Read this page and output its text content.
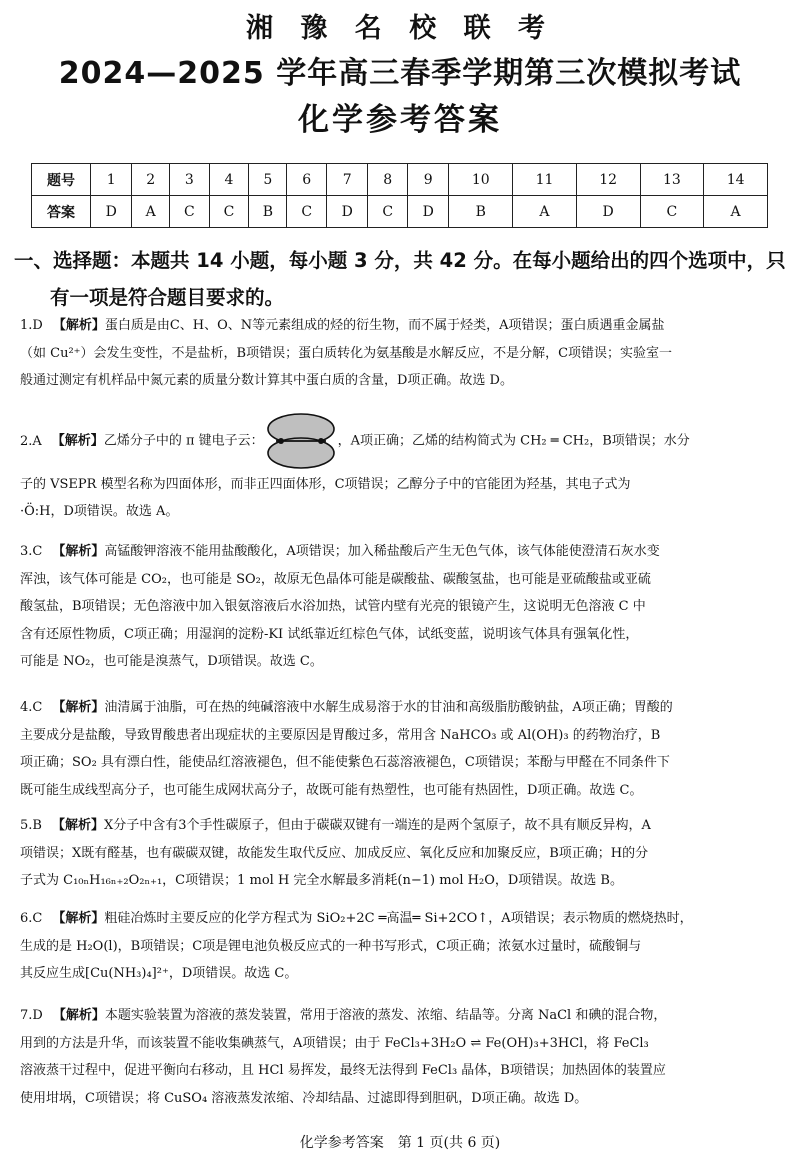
湘 豫 名 校 联 考
2024—2025 学年高三春季学期第三次模拟考试
化学参考答案
题号	1	2	3	4	5	6	7	8	9	10	11	12	13	14
答案	D	A	C	C	B	C	D	C	D	B	A	D	C	A
一、选择题：本题共 14 小题，每小题 3 分，共 42 分。在每小题给出的四个选项中，只
有一项是符合题目要求的。

1.D 【解析】蛋白质是由C、H、O、N等元素组成的烃的衍生物，而不属于烃类，A项错误；蛋白质遇重金属盐

（如 Cu²⁺）会发生变性，不是盐析，B项错误；蛋白质转化为氨基酸是水解反应，不是分解，C项错误；实验室一

般通过测定有机样品中氮元素的质量分数计算其中蛋白质的含量，D项正确。故选 D。

2.A 【解析】乙烯分子中的 π 键电子云：	，A项正确；乙烯的结构简式为 CH₂ ═ CH₂，B项错误；水分

子的 VSEPR 模型名称为四面体形，而非正四面体形，C项错误；乙醇分子中的官能团为羟基，其电子式为

·Ö:H，D项错误。故选 A。

3.C 【解析】高锰酸钾溶液不能用盐酸酸化，A项错误；加入稀盐酸后产生无色气体，该气体能使澄清石灰水变

浑浊，该气体可能是 CO₂，也可能是 SO₂，故原无色晶体可能是碳酸盐、碳酸氢盐，也可能是亚硫酸盐或亚硫

酸氢盐，B项错误；无色溶液中加入银氨溶液后水浴加热，试管内壁有光亮的银镜产生，这说明无色溶液 C 中

含有还原性物质，C项正确；用湿润的淀粉-KI 试纸靠近红棕色气体，试纸变蓝，说明该气体具有强氧化性，

可能是 NO₂，也可能是溴蒸气，D项错误。故选 C。

4.C 【解析】油清属于油脂，可在热的纯碱溶液中水解生成易溶于水的甘油和高级脂肪酸钠盐，A项正确；胃酸的

主要成分是盐酸，导致胃酸患者出现症状的主要原因是胃酸过多，常用含 NaHCO₃ 或 Al(OH)₃ 的药物治疗，B

项正确；SO₂ 具有漂白性，能使品红溶液褪色，但不能使紫色石蕊溶液褪色，C项错误；苯酚与甲醛在不同条件下

既可能生成线型高分子，也可能生成网状高分子，故既可能有热塑性，也可能有热固性，D项正确。故选 C。

5.B 【解析】X分子中含有3个手性碳原子，但由于碳碳双键有一端连的是两个氢原子，故不具有顺反异构，A

项错误；X既有醛基，也有碳碳双键，故能发生取代反应、加成反应、氧化反应和加聚反应，B项正确；H的分

子式为 C₁₀ₙH₁₆ₙ₊₂O₂ₙ₊₁，C项错误；1 mol H 完全水解最多消耗(n−1) mol H₂O，D项错误。故选 B。

6.C 【解析】粗硅冶炼时主要反应的化学方程式为 SiO₂+2C ═高温═ Si+2CO↑，A项错误；表示物质的燃烧热时，

生成的是 H₂O(l)，B项错误；C项是锂电池负极反应式的一种书写形式，C项正确；浓氨水过量时，硫酸铜与

其反应生成[Cu(NH₃)₄]²⁺，D项错误。故选 C。

7.D 【解析】本题实验装置为溶液的蒸发装置，常用于溶液的蒸发、浓缩、结晶等。分离 NaCl 和碘的混合物，

用到的方法是升华，而该装置不能收集碘蒸气，A项错误；由于 FeCl₃+3H₂O ⇌ Fe(OH)₃+3HCl，将 FeCl₃

溶液蒸干过程中，促进平衡向右移动，且 HCl 易挥发，最终无法得到 FeCl₃ 晶体，B项错误；加热固体的装置应

使用坩埚，C项错误；将 CuSO₄ 溶液蒸发浓缩、冷却结晶、过滤即得到胆矾，D项正确。故选 D。

化学参考答案　第 1 页(共 6 页)
